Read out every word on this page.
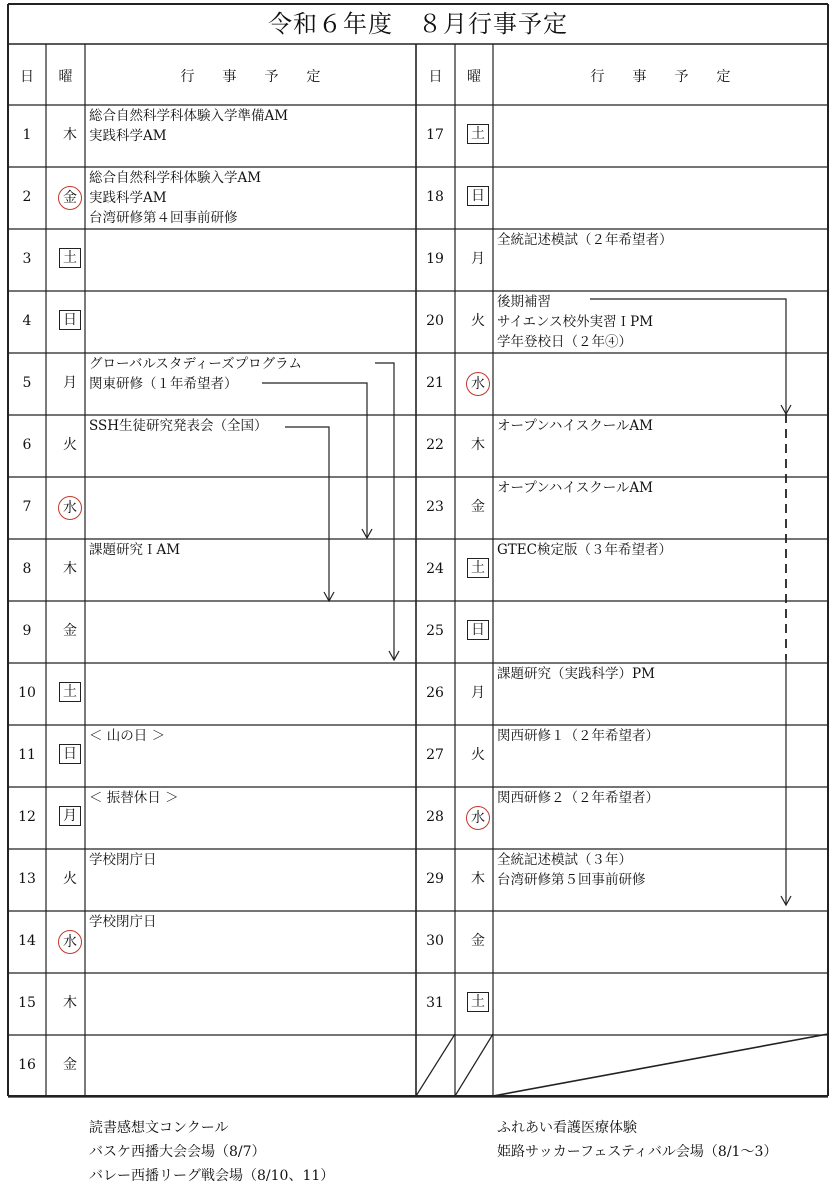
令和６年度　８月行事予定
日	曜	行　　事　　予　　定	日	曜	行　　事　　予　　定
1	木
総合自然科学科体験入学準備AM
実践科学AM
2	金
総合自然科学科体験入学AM
実践科学AM
台湾研修第４回事前研修
3	土
4	日
5	月
グローバルスタディーズプログラム
関東研修（１年希望者）
6	火
SSH生徒研究発表会（全国）
7	水
8	木
課題研究ＩAM
9	金
10	土
11	日
＜ 山の日 ＞
12	月
＜ 振替休日 ＞
13	火
学校閉庁日
14	水
学校閉庁日
15	木
16	金
17	土
18	日
19	月
全統記述模試（２年希望者）
20	火
後期補習
サイエンス校外実習ＩPM
学年登校日（２年④）
21	水
22	木
オープンハイスクールAM
23	金
オープンハイスクールAM
24	土
GTEC検定版（３年希望者）
25	日
26	月
課題研究（実践科学）PM
27	火
関西研修１（２年希望者）
28	水
関西研修２（２年希望者）
29	木
全統記述模試（３年）
台湾研修第５回事前研修
30	金
31	土
読書感想文コンクール
バスケ西播大会会場（8/7）
バレー西播リーグ戦会場（8/10、11）
ふれあい看護医療体験
姫路サッカーフェスティバル会場（8/1～3）
